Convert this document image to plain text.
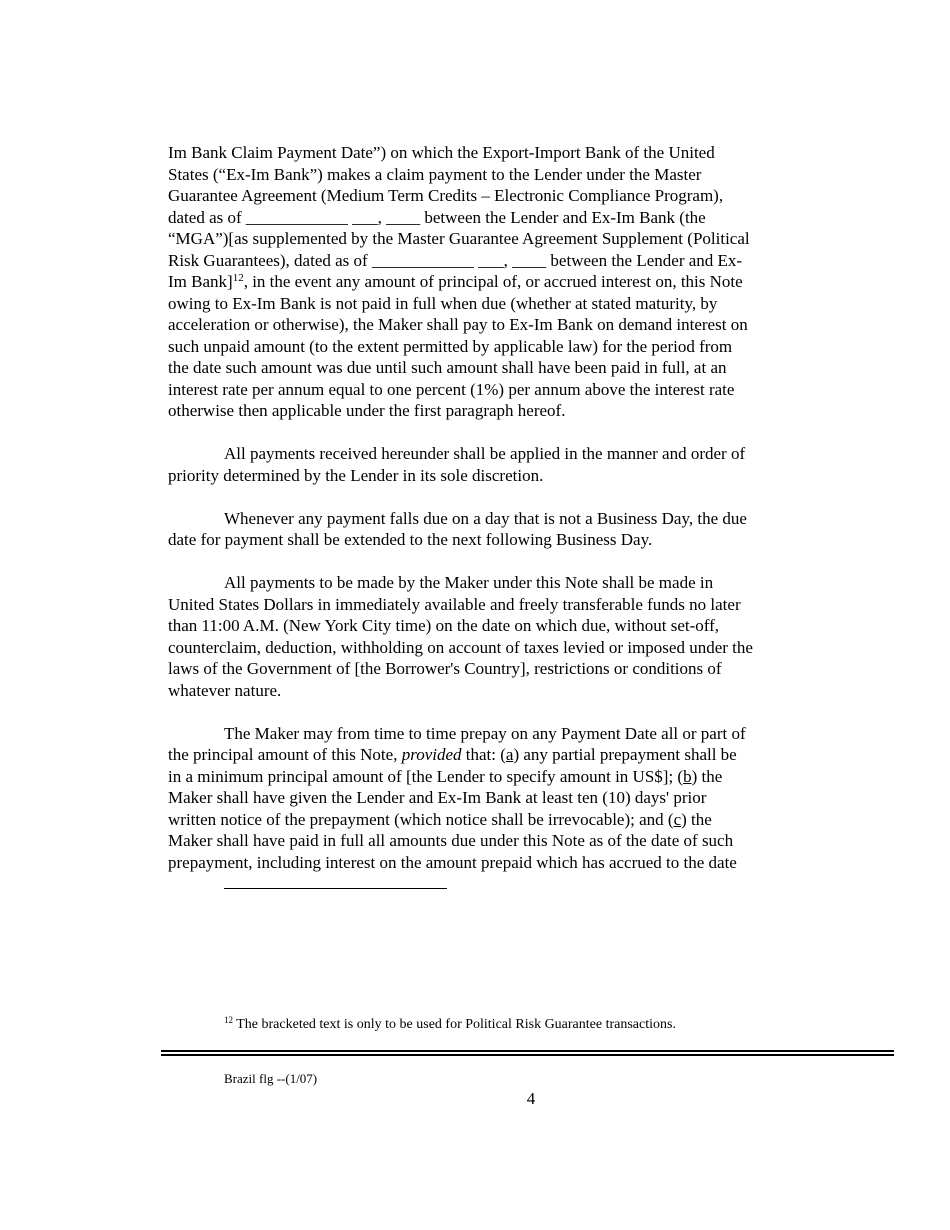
Im Bank Claim Payment Date”) on which the Export-Import Bank of the United
States (“Ex-Im Bank”) makes a claim payment to the Lender under the Master
Guarantee Agreement (Medium Term Credits – Electronic Compliance Program),
dated as of ____________ ___, ____ between the Lender and Ex-Im Bank (the
“MGA”)[as supplemented by the Master Guarantee Agreement Supplement (Political
Risk Guarantees), dated as of ____________ ___, ____ between the Lender and Ex-
Im Bank]$^{12}$, in the event any amount of principal of, or accrued interest on, this Note
owing to Ex-Im Bank is not paid in full when due (whether at stated maturity, by
acceleration or otherwise), the Maker shall pay to Ex-Im Bank on demand interest on
such unpaid amount (to the extent permitted by applicable law) for the period from
the date such amount was due until such amount shall have been paid in full, at an
interest rate per annum equal to one percent (1%) per annum above the interest rate
otherwise then applicable under the first paragraph hereof.

All payments received hereunder shall be applied in the manner and order of
priority determined by the Lender in its sole discretion.

Whenever any payment falls due on a day that is not a Business Day, the due
date for payment shall be extended to the next following Business Day.

All payments to be made by the Maker under this Note shall be made in
United States Dollars in immediately available and freely transferable funds no later
than 11:00 A.M. (New York City time) on the date on which due, without set-off,
counterclaim, deduction, withholding on account of taxes levied or imposed under the
laws of the Government of [the Borrower's Country], restrictions or conditions of
whatever nature.

The Maker may from time to time prepay on any Payment Date all or part of
the principal amount of this Note, provided that: (a) any partial prepayment shall be
in a minimum principal amount of [the Lender to specify amount in US$]; (b) the
Maker shall have given the Lender and Ex-Im Bank at least ten (10) days' prior
written notice of the prepayment (which notice shall be irrevocable); and (c) the
Maker shall have paid in full all amounts due under this Note as of the date of such
prepayment, including interest on the amount prepaid which has accrued to the date

$^{12}$ The bracketed text is only to be used for Political Risk Guarantee transactions.
Brazil flg --(1/07)
4
